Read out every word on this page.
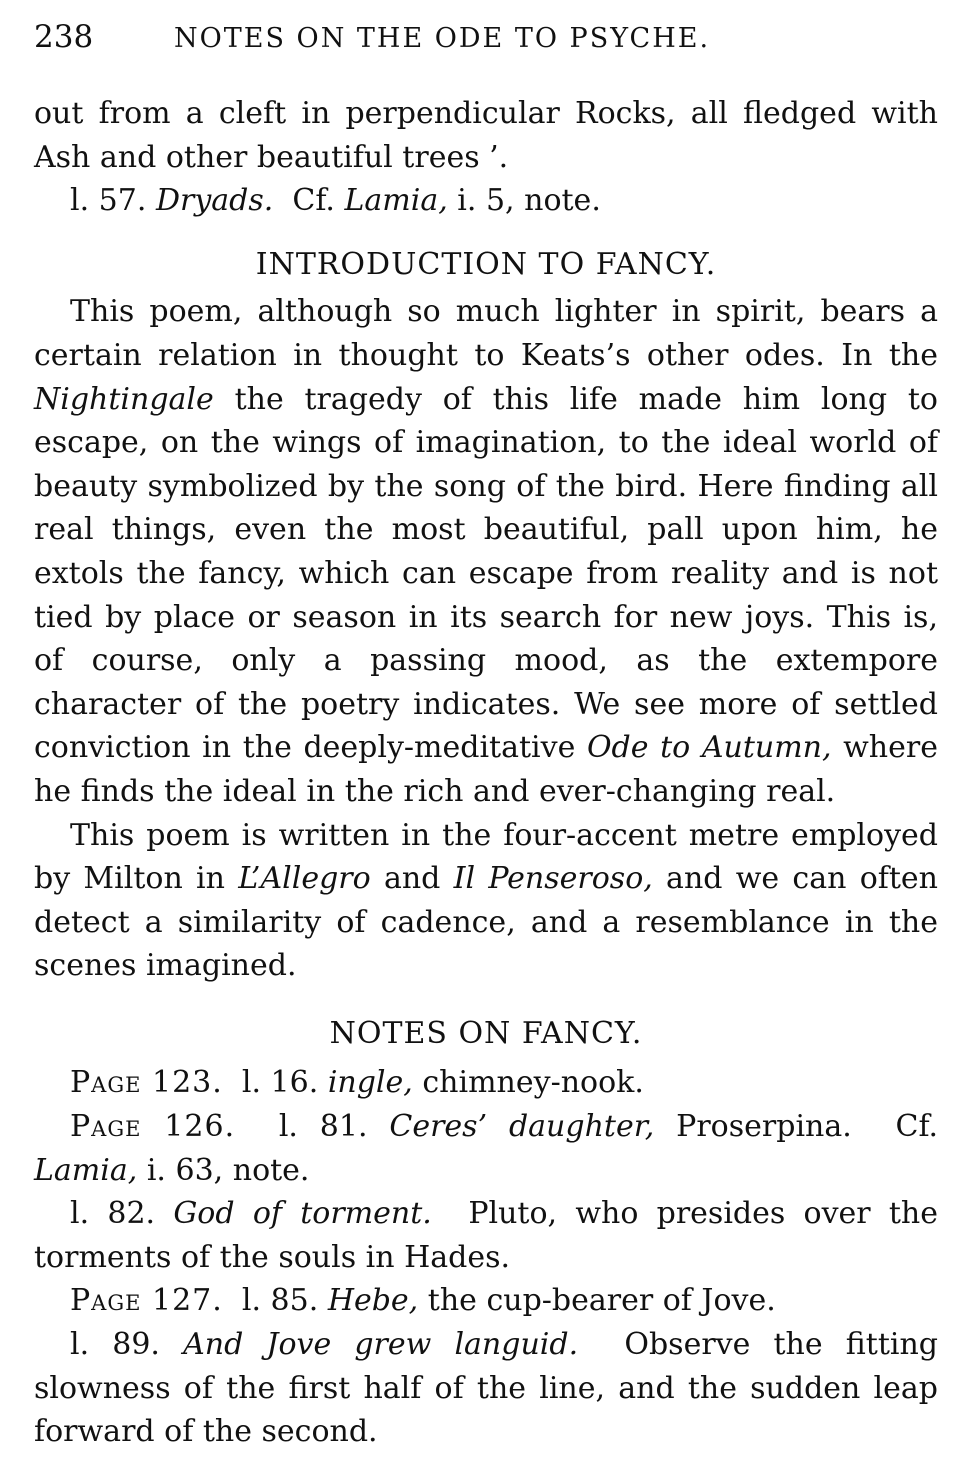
238	NOTES ON THE ODE TO PSYCHE.

out from a cleft in perpendicular Rocks, all fledged with Ash and other beautiful trees ’.

l. 57. Dryads. Cf. Lamia, i. 5, note.

INTRODUCTION TO FANCY.

This poem, although so much lighter in spirit, bears a certain relation in thought to Keats’s other odes. In the Nightingale the tragedy of this life made him long to escape, on the wings of imagination, to the ideal world of beauty symbolized by the song of the bird. Here finding all real things, even the most beautiful, pall upon him, he extols the fancy, which can escape from reality and is not tied by place or season in its search for new joys. This is, of course, only a passing mood, as the extempore character of the poetry indicates. We see more of settled conviction in the deeply-meditative Ode to Autumn, where he finds the ideal in the rich and ever-changing real.

This poem is written in the four-accent metre employed by Milton in L’Allegro and Il Penseroso, and we can often detect a similarity of cadence, and a resemblance in the scenes imagined.

NOTES ON FANCY.

Page 123. l. 16. ingle, chimney-nook.

Page 126. l. 81. Ceres’ daughter, Proserpina. Cf. Lamia, i. 63, note.

l. 82. God of torment. Pluto, who presides over the torments of the souls in Hades.

Page 127. l. 85. Hebe, the cup-bearer of Jove.

l. 89. And Jove grew languid. Observe the fitting slowness of the first half of the line, and the sudden leap forward of the second.
